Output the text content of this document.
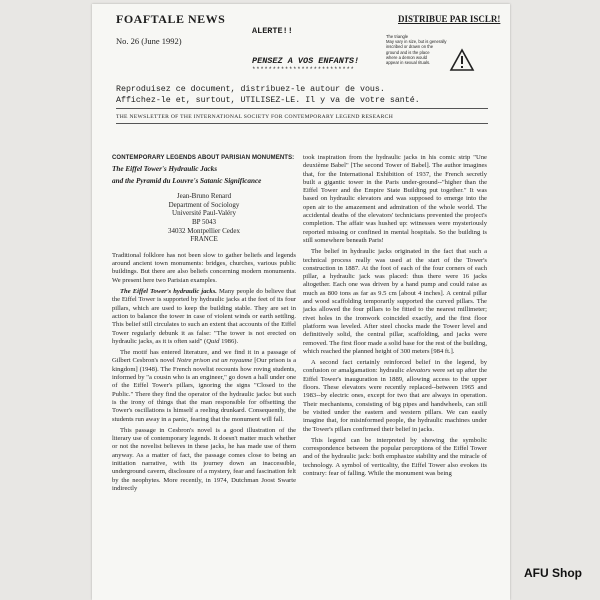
FOAFTALE NEWS
No. 26 (June 1992)
ALERTE!!
DISTRIBUE PAR ISCLR!
The triangle
May vary in size, but is generally
inscribed or drawn on the
ground and is the place
where a demon would
appear in sexual rituals.
PENSEZ A VOS ENFANTS!
*************************
Reproduisez ce document, distribuez-le autour de vous.
Affichez-le et, surtout, UTILISEZ-LE. Il y va de votre santé.
THE NEWSLETTER OF THE INTERNATIONAL SOCIETY FOR CONTEMPORARY LEGEND RESEARCH

CONTEMPORARY LEGENDS ABOUT PARISIAN MONUMENTS:

The Eiffel Tower's Hydraulic Jacks

and the Pyramid du Louvre's Satanic Significance

Jean-Bruno Renard
Department of Sociology
Université Paul-Valéry
BP 5043
34032 Montpellier Cedex
FRANCE

Traditional folklore has not been slow to gather beliefs and legends around ancient town monuments: bridges, churches, various public buildings. But there are also beliefs concerning modern monuments. We present here two Parisian examples.

The Eiffel Tower's hydraulic jacks. Many people do believe that the Eiffel Tower is supported by hydraulic jacks at the feet of its four pillars, which are used to keep the building stable. They are set in action to balance the tower in case of violent winds or earth settling. This belief still circulates to such an extent that accounts of the Eiffel Tower regularly debunk it as false: "The tower is not erected on hydraulic jacks, as it is often said" (Quid 1986).

The motif has entered literature, and we find it in a passage of Gilbert Cesbron's novel Notre prison est un royaume [Our prison is a kingdom] (1948). The French novelist recounts how roving students, informed by "a cousin who is an engineer," go down a hall under one of the Eiffel Tower's pillars, ignoring the signs "Closed to the Public." There they find the operator of the hydraulic jacks: but such is the irony of things that the man responsible for offsetting the Tower's oscillations is himself a reeling drunkard. Consequently, the students run away in a panic, fearing that the monument will fall.

This passage in Cesbron's novel is a good illustration of the literary use of contemporary legends. It doesn't matter much whether or not the novelist believes in these jacks, he has made use of them anyway. As a matter of fact, the passage comes close to being an initiation narrative, with its journey down an inaccessible, underground cavern, disclosure of a mystery, fear and fascination felt by the neophytes. More recently, in 1974, Dutchman Joost Swarte indirectly

took inspiration from the hydraulic jacks in his comic strip "Une deuxième Babel" [The second Tower of Babel]. The author imagines that, for the International Exhibition of 1937, the French secretly built a gigantic tower in the Paris under-ground--"higher than the Eiffel Tower and the Empire State Building put together." It was based on hydraulic elevators and was supposed to emerge into the open air to the amazement and admiration of the whole world. The accidental deaths of the elevators' technicians prevented the project's completion. The affair was hushed up: witnesses were mysteriously reported missing or confined in mental hospitals. So the building is still somewhere beneath Paris!

The belief in hydraulic jacks originated in the fact that such a technical process really was used at the start of the Tower's construction in 1887. At the foot of each of the four corners of each pillar, a hydraulic jack was placed: thus there were 16 jacks altogether. Each one was driven by a hand pump and could raise as much as 800 tons as far as 9.5 cm [about 4 inches]. A central pillar and wood scaffolding temporarily supported the curved pillars. The jacks allowed the four pillars to be fitted to the nearest millimeter; rivet holes in the ironwork coincided exactly, and the first floor platform was leveled. After steel chocks made the Tower level and definitively solid, the central pillar, scaffolding, and jacks were removed. The first floor made a solid base for the rest of the building, which reached the planned height of 300 meters [984 ft.].

A second fact certainly reinforced belief in the legend, by confusion or amalgamation: hydraulic elevators were set up after the Eiffel Tower's inauguration in 1889, allowing access to the upper floors. These elevators were recently replaced--between 1965 and 1983--by electric ones, except for two that are always in operation. Their mechanisms, consisting of big pipes and handwheels, can still be visited under the eastern and western pillars. We can easily imagine that, for misinformed people, the hydraulic machines under the Tower's pillars confirmed their belief in jacks.

This legend can be interpreted by showing the symbolic correspondence between the popular perceptions of the Eiffel Tower and of the hydraulic jack: both emphasize stability and the miracle of technology. A symbol of verticality, the Eiffel Tower also evokes its contrary: fear of falling. While the monument was being

AFU Shop
